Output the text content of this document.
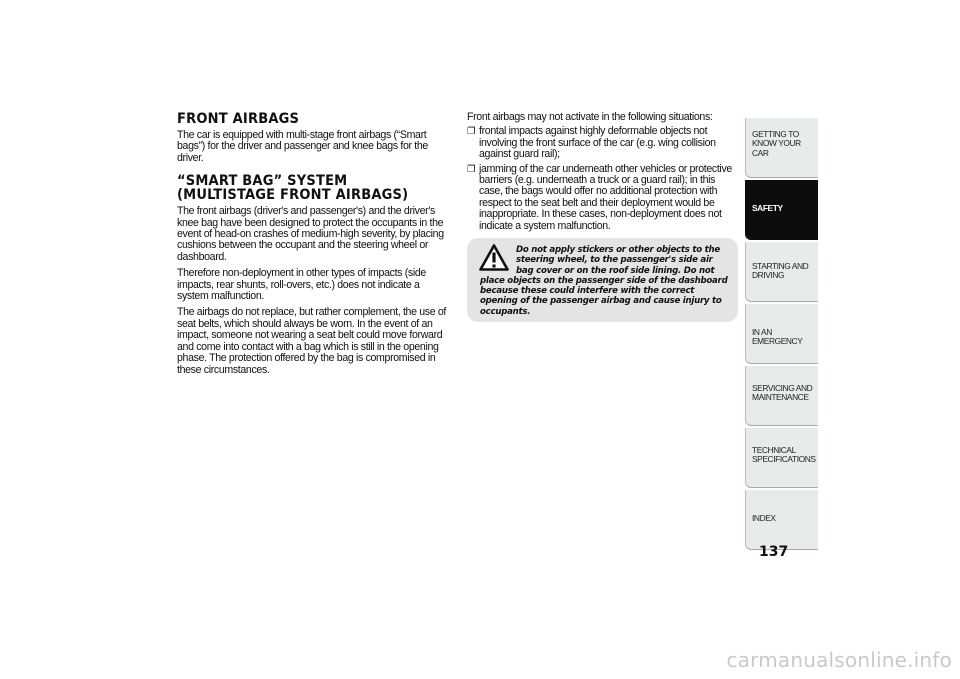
FRONT AIRBAGS

The car is equipped with multi-stage front airbags (“Smart bags”) for the driver and passenger and knee bags for the driver.

“SMART BAG” SYSTEM (MULTISTAGE FRONT AIRBAGS)

The front airbags (driver's and passenger's) and the driver's knee bag have been designed to protect the occupants in the event of head-on crashes of medium-high severity, by placing cushions between the occupant and the steering wheel or dashboard.

Therefore non-deployment in other types of impacts (side impacts, rear shunts, roll-overs, etc.) does not indicate a system malfunction.

The airbags do not replace, but rather complement, the use of seat belts, which should always be worn. In the event of an impact, someone not wearing a seat belt could move forward and come into contact with a bag which is still in the opening phase. The protection offered by the bag is compromised in these circumstances.

Front airbags may not activate in the following situations:

❐ frontal impacts against highly deformable objects not involving the front surface of the car (e.g. wing collision against guard rail);
❐ jamming of the car underneath other vehicles or protective barriers (e.g. underneath a truck or a guard rail); in this case, the bags would offer no additional protection with respect to the seat belt and their deployment would be inappropriate. In these cases, non-deployment does not indicate a system malfunction.
Do not apply stickers or other objects to the steering wheel, to the passenger's side air bag cover or on the roof side lining. Do not place objects on the passenger side of the dashboard because these could interfere with the correct opening of the passenger airbag and cause injury to occupants.
GETTING TO KNOW YOUR CAR
SAFETY
STARTING AND DRIVING
IN AN EMERGENCY
SERVICING AND MAINTENANCE
TECHNICAL SPECIFICATIONS
INDEX
137
carmanualsonline.info
